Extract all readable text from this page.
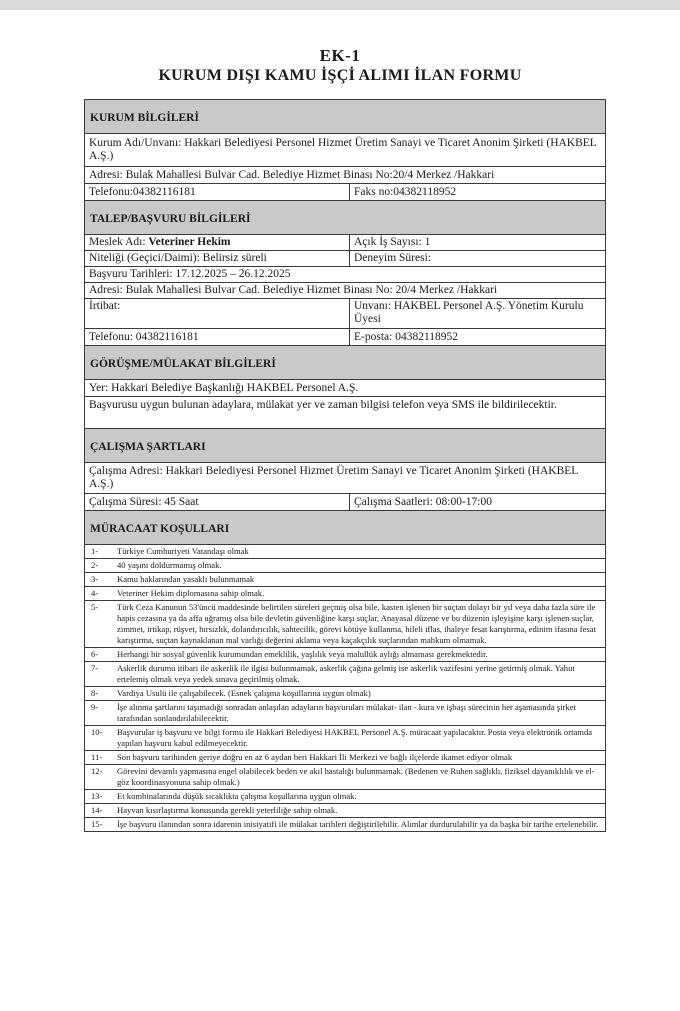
EK-1
KURUM DIŞI KAMU İŞÇİ ALIMI İLAN FORMU
KURUM BİLGİLERİ
Kurum Adı/Unvanı: Hakkari Belediyesi Personel Hizmet Üretim Sanayi ve Ticaret Anonim Şirketi (HAKBEL A.Ş.)
Adresi: Bulak Mahallesi Bulvar Cad. Belediye Hizmet Binası No:20/4 Merkez /Hakkari
Telefonu:04382116181	Faks no:04382118952
TALEP/BAŞVURU BİLGİLERİ
Meslek Adı: Veteriner Hekim	Açık İş Sayısı: 1
Niteliği (Geçici/Daimi): Belirsiz süreli	Deneyim Süresi:
Başvuru Tarihleri: 17.12.2025 – 26.12.2025
Adresi: Bulak Mahallesi Bulvar Cad. Belediye Hizmet Binası No: 20/4 Merkez /Hakkari
İrtibat:	Unvanı: HAKBEL Personel A.Ş. Yönetim Kurulu Üyesi
Telefonu: 04382116181	E-posta: 04382118952
GÖRÜŞME/MÜLAKAT BİLGİLERİ
Yer: Hakkari Belediye Başkanlığı HAKBEL Personel A.Ş.
Başvurusu uygun bulunan adaylara, mülakat yer ve zaman bilgisi telefon veya SMS ile bildirilecektir.
ÇALIŞMA ŞARTLARI
Çalışma Adresi: Hakkari Belediyesi Personel Hizmet Üretim Sanayi ve Ticaret Anonim Şirketi (HAKBEL A.Ş.)
Çalışma Süresi: 45 Saat	Çalışma Saatleri: 08:00-17:00
MÜRACAAT KOŞULLARI
1-	Türkiye Cumhuriyeti Vatandaşı olmak
2-	40 yaşını doldurmamış olmak.
3-	Kamu haklarından yasaklı bulunmamak
4-	Veteriner Hekim diplomasına sahip olmak.
5-	Türk Ceza Kanunun 53'üncü maddesinde belirtilen süreleri geçmiş olsa bile, kasten işlenen bir suçtan dolayı bir yıl veya daha fazla süre ile hapis cezasına ya da affa uğramış olsa bile devletin güvenliğine karşı suçlar, Anayasal düzene ve bu düzenin işleyişine karşı işlenen suçlar, zimmet, irtikap, rüşvet, hırsızlık, dolandırıcılık, sahtecilik, görevi kötüye kullanma, hileli iflas, ihaleye fesat karıştırma, edinim ifasına fesat karıştırma, suçtan kaynaklanan mal varlığı değerini aklama veya kaçakçılık suçlarından mahkum olmamak.
6-	Herhangi bir sosyal güvenlik kurumundan emeklilik, yaşlılık veya malullük aylığı almaması gerekmektedir.
7-	Askerlik durumu itibari ile askerlik ile ilgisi bulunmamak, askerlik çağına gelmiş ise askerlik vazifesini yerine getirmiş olmak. Yahut ertelemiş olmak veya yedek sınava geçirilmiş olmak.
8-	Vardiya Usulü ile çalışabilecek. (Esnek çalışma koşullarına uygun olmak)
9-	İşe alınma şartlarını taşımadığı sonradan anlaşılan adayların başvuruları mülakat- ilan - kura ve işbaşı sürecinin her aşamasında şirket tarafından sonlandırılabilecektir.
10-	Başvurular iş başvuru ve bilgi formu ile Hakkari Belediyesi HAKBEL Personel A.Ş. müracaat yapılacaktır. Posta veya elektronik ortamda yapılan başvuru kabul edilmeyecektir.
11-	Son başvuru tarihinden geriye doğru en az 6 aydan beri Hakkari İli Merkezi ve bağlı ilçelerde ikamet ediyor olmak
12-	Görevini devamlı yapmasına engel olabilecek beden ve akıl hastalığı bulunmamak. (Bedenen ve Ruhen sağlıklı, fiziksel dayanıklılık ve el-göz koordinasyonuna sahip olmak.)
13-	Et kombinalarında düşük sıcaklıkta çalışma koşullarına uygun olmak.
14-	Hayvan kısırlaştırma konusunda gerekli yeterliliğe sahip olmak.
15-	İşe başvuru ilanından sonra idarenin inisiyatifi ile mülakat tarihleri değiştirilebilir. Alımlar durdurulabilir ya da başka bir tarihe ertelenebilir.
